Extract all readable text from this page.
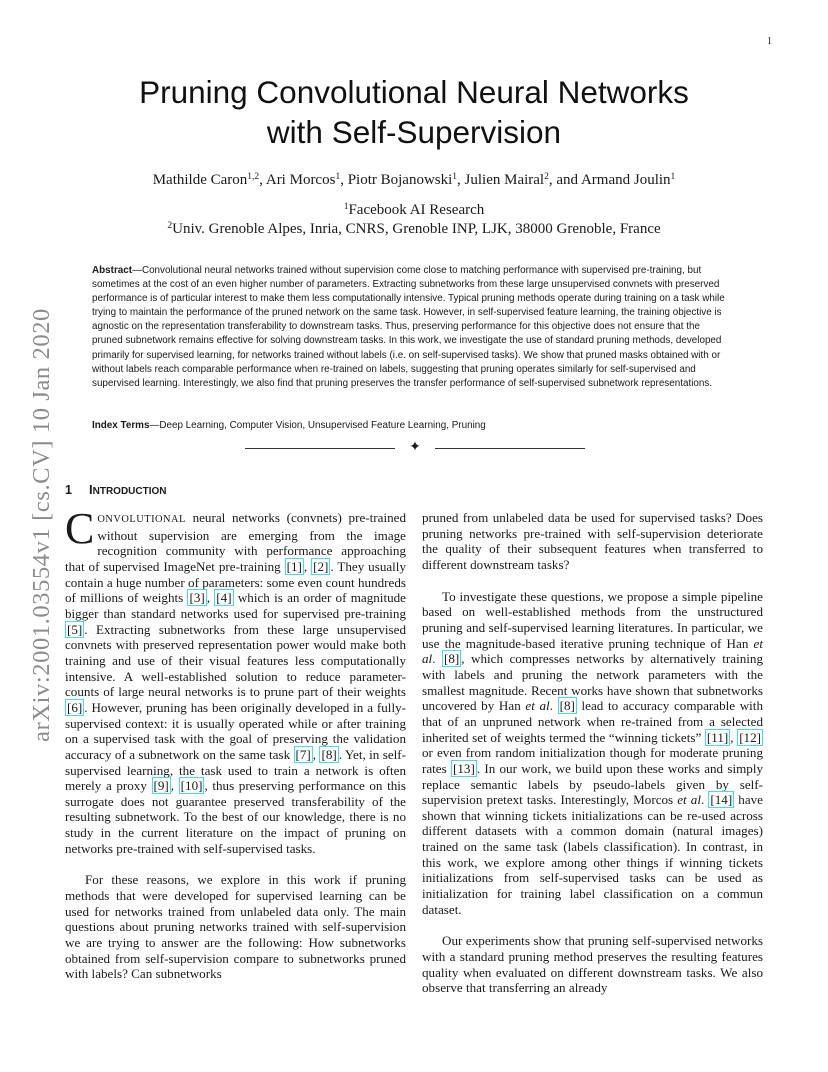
1
arXiv:2001.03554v1 [cs.CV] 10 Jan 2020
Pruning Convolutional Neural Networks
with Self-Supervision
Mathilde Caron$^{1,2}$, Ari Morcos$^1$, Piotr Bojanowski$^1$, Julien Mairal$^2$, and Armand Joulin$^1$
$^1$Facebook AI Research
$^2$Univ. Grenoble Alpes, Inria, CNRS, Grenoble INP, LJK, 38000 Grenoble, France

Abstract—Convolutional neural networks trained without supervision come close to matching performance with supervised pre-training, but sometimes at the cost of an even higher number of parameters. Extracting subnetworks from these large unsupervised convnets with preserved performance is of particular interest to make them less computationally intensive. Typical pruning methods operate during training on a task while trying to maintain the performance of the pruned network on the same task. However, in self-supervised feature learning, the training objective is agnostic on the representation transferability to downstream tasks. Thus, preserving performance for this objective does not ensure that the pruned subnetwork remains effective for solving downstream tasks. In this work, we investigate the use of standard pruning methods, developed primarily for supervised learning, for networks trained without labels (i.e. on self-supervised tasks). We show that pruned masks obtained with or without labels reach comparable performance when re-trained on labels, suggesting that pruning operates similarly for self-supervised and supervised learning. Interestingly, we also find that pruning preserves the transfer performance of self-supervised subnetwork representations.

Index Terms—Deep Learning, Computer Vision, Unsupervised Feature Learning, Pruning
✦
1 INTRODUCTION

CONVOLUTIONAL neural networks (convnets) pre-trained without supervision are emerging from the image recognition community with performance approaching that of supervised ImageNet pre-training [1] , [2] . They usually contain a huge number of parameters: some even count hundreds of millions of weights [3] , [4] which is an order of magnitude bigger than standard networks used for supervised pre-training [5] . Extracting subnetworks from these large unsupervised convnets with preserved representation power would make both training and use of their visual features less computationally intensive. A well-established solution to reduce parameter-counts of large neural networks is to prune part of their weights [6] . However, pruning has been originally developed in a fully-supervised context: it is usually operated while or after training on a supervised task with the goal of preserving the validation accuracy of a subnetwork on the same task [7] , [8] . Yet, in self-supervised learning, the task used to train a network is often merely a proxy [9] , [10] , thus preserving performance on this surrogate does not guarantee preserved transferability of the resulting subnetwork. To the best of our knowledge, there is no study in the current literature on the impact of pruning on networks pre-trained with self-supervised tasks.

For these reasons, we explore in this work if pruning methods that were developed for supervised learning can be used for networks trained from unlabeled data only. The main questions about pruning networks trained with self-supervision we are trying to answer are the following: How subnetworks obtained from self-supervision compare to subnetworks pruned with labels? Can subnetworks

pruned from unlabeled data be used for supervised tasks? Does pruning networks pre-trained with self-supervision deteriorate the quality of their subsequent features when transferred to different downstream tasks?

To investigate these questions, we propose a simple pipeline based on well-established methods from the unstructured pruning and self-supervised learning literatures. In particular, we use the magnitude-based iterative pruning technique of Han et al. [8] , which compresses networks by alternatively training with labels and pruning the network parameters with the smallest magnitude. Recent works have shown that subnetworks uncovered by Han et al. [8] lead to accuracy comparable with that of an unpruned network when re-trained from a selected inherited set of weights termed the “winning tickets” [11] , [12] or even from random initialization though for moderate pruning rates [13] . In our work, we build upon these works and simply replace semantic labels by pseudo-labels given by self-supervision pretext tasks. Interestingly, Morcos et al. [14] have shown that winning tickets initializations can be re-used across different datasets with a common domain (natural images) trained on the same task (labels classification). In contrast, in this work, we explore among other things if winning tickets initializations from self-supervised tasks can be used as initialization for training label classification on a commun dataset.

Our experiments show that pruning self-supervised networks with a standard pruning method preserves the resulting features quality when evaluated on different downstream tasks. We also observe that transferring an already
